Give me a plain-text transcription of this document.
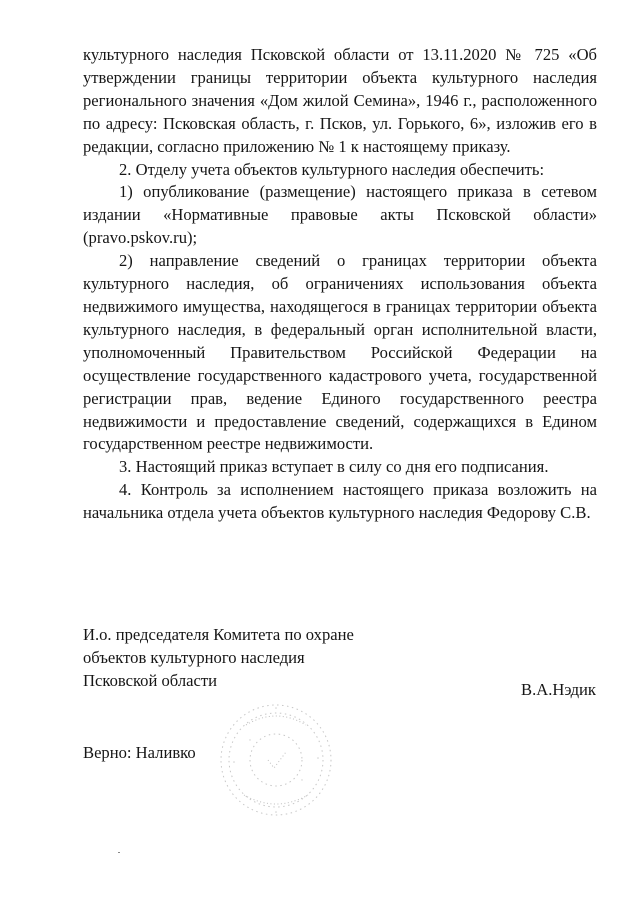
культурного наследия Псковской области от 13.11.2020 № 725 «Об утверждении границы территории объекта культурного наследия регионального значения «Дом жилой Семина», 1946 г., расположенного по адресу: Псковская область, г. Псков, ул. Горького, 6», изложив его в редакции, согласно приложению № 1 к настоящему приказу.

2. Отделу учета объектов культурного наследия обеспечить:

1) опубликование (размещение) настоящего приказа в сетевом издании «Нормативные правовые акты Псковской области» (pravo.pskov.ru);

2) направление сведений о границах территории объекта культурного наследия, об ограничениях использования объекта недвижимого имущества, находящегося в границах территории объекта культурного наследия, в федеральный орган исполнительной власти, уполномоченный Правительством Российской Федерации на осуществление государственного кадастрового учета, государственной регистрации прав, ведение Единого государственного реестра недвижимости и предоставление сведений, содержащихся в Едином государственном реестре недвижимости.

3. Настоящий приказ вступает в силу со дня его подписания.

4. Контроль за исполнением настоящего приказа возложить на начальника отдела учета объектов культурного наследия Федорову С.В.

И.о. председателя Комитета по охране
объектов культурного наследия
Псковской области	В.А.Нэдик
Верно: Наливко
